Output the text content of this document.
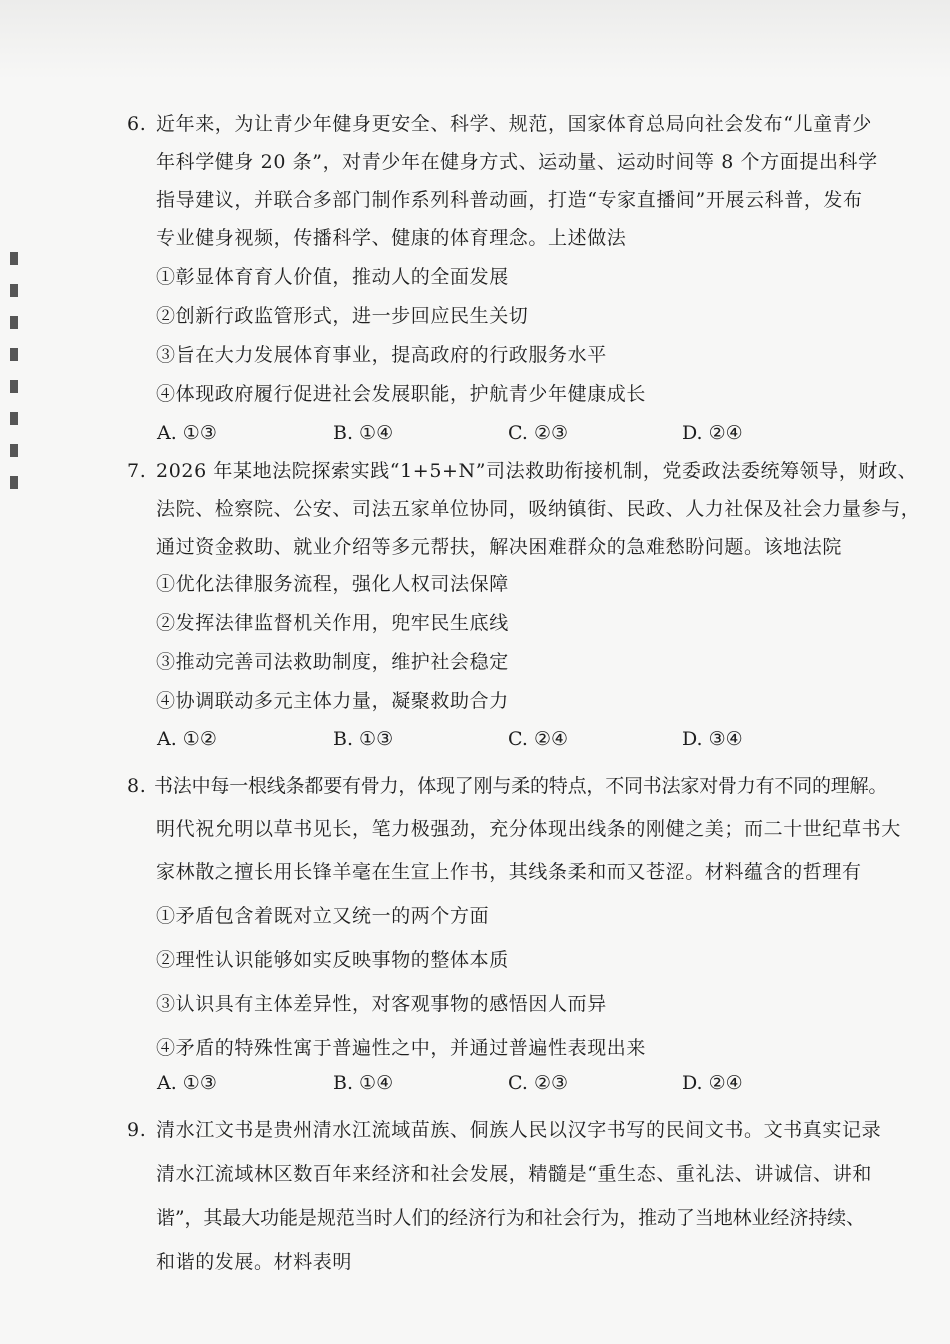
6. 近年来，为让青少年健身更安全、科学、规范，国家体育总局向社会发布“儿童青少
年科学健身 20 条”，对青少年在健身方式、运动量、运动时间等 8 个方面提出科学
指导建议，并联合多部门制作系列科普动画，打造“专家直播间”开展云科普，发布
专业健身视频，传播科学、健康的体育理念。上述做法
①彰显体育育人价值，推动人的全面发展
②创新行政监管形式，进一步回应民生关切
③旨在大力发展体育事业，提高政府的行政服务水平
④体现政府履行促进社会发展职能，护航青少年健康成长
A. ①③	B. ①④	C. ②③	D. ②④
7. 2026 年某地法院探索实践“1+5+N”司法救助衔接机制，党委政法委统筹领导，财政、
法院、检察院、公安、司法五家单位协同，吸纳镇街、民政、人力社保及社会力量参与，
通过资金救助、就业介绍等多元帮扶，解决困难群众的急难愁盼问题。该地法院
①优化法律服务流程，强化人权司法保障
②发挥法律监督机关作用，兜牢民生底线
③推动完善司法救助制度，维护社会稳定
④协调联动多元主体力量，凝聚救助合力
A. ①②	B. ①③	C. ②④	D. ③④
8. 书法中每一根线条都要有骨力，体现了刚与柔的特点，不同书法家对骨力有不同的理解。
明代祝允明以草书见长，笔力极强劲，充分体现出线条的刚健之美；而二十世纪草书大
家林散之擅长用长锋羊毫在生宣上作书，其线条柔和而又苍涩。材料蕴含的哲理有
①矛盾包含着既对立又统一的两个方面
②理性认识能够如实反映事物的整体本质
③认识具有主体差异性，对客观事物的感悟因人而异
④矛盾的特殊性寓于普遍性之中，并通过普遍性表现出来
A. ①③	B. ①④	C. ②③	D. ②④
9. 清水江文书是贵州清水江流域苗族、侗族人民以汉字书写的民间文书。文书真实记录
清水江流域林区数百年来经济和社会发展，精髓是“重生态、重礼法、讲诚信、讲和
谐”，其最大功能是规范当时人们的经济行为和社会行为，推动了当地林业经济持续、
和谐的发展。材料表明
